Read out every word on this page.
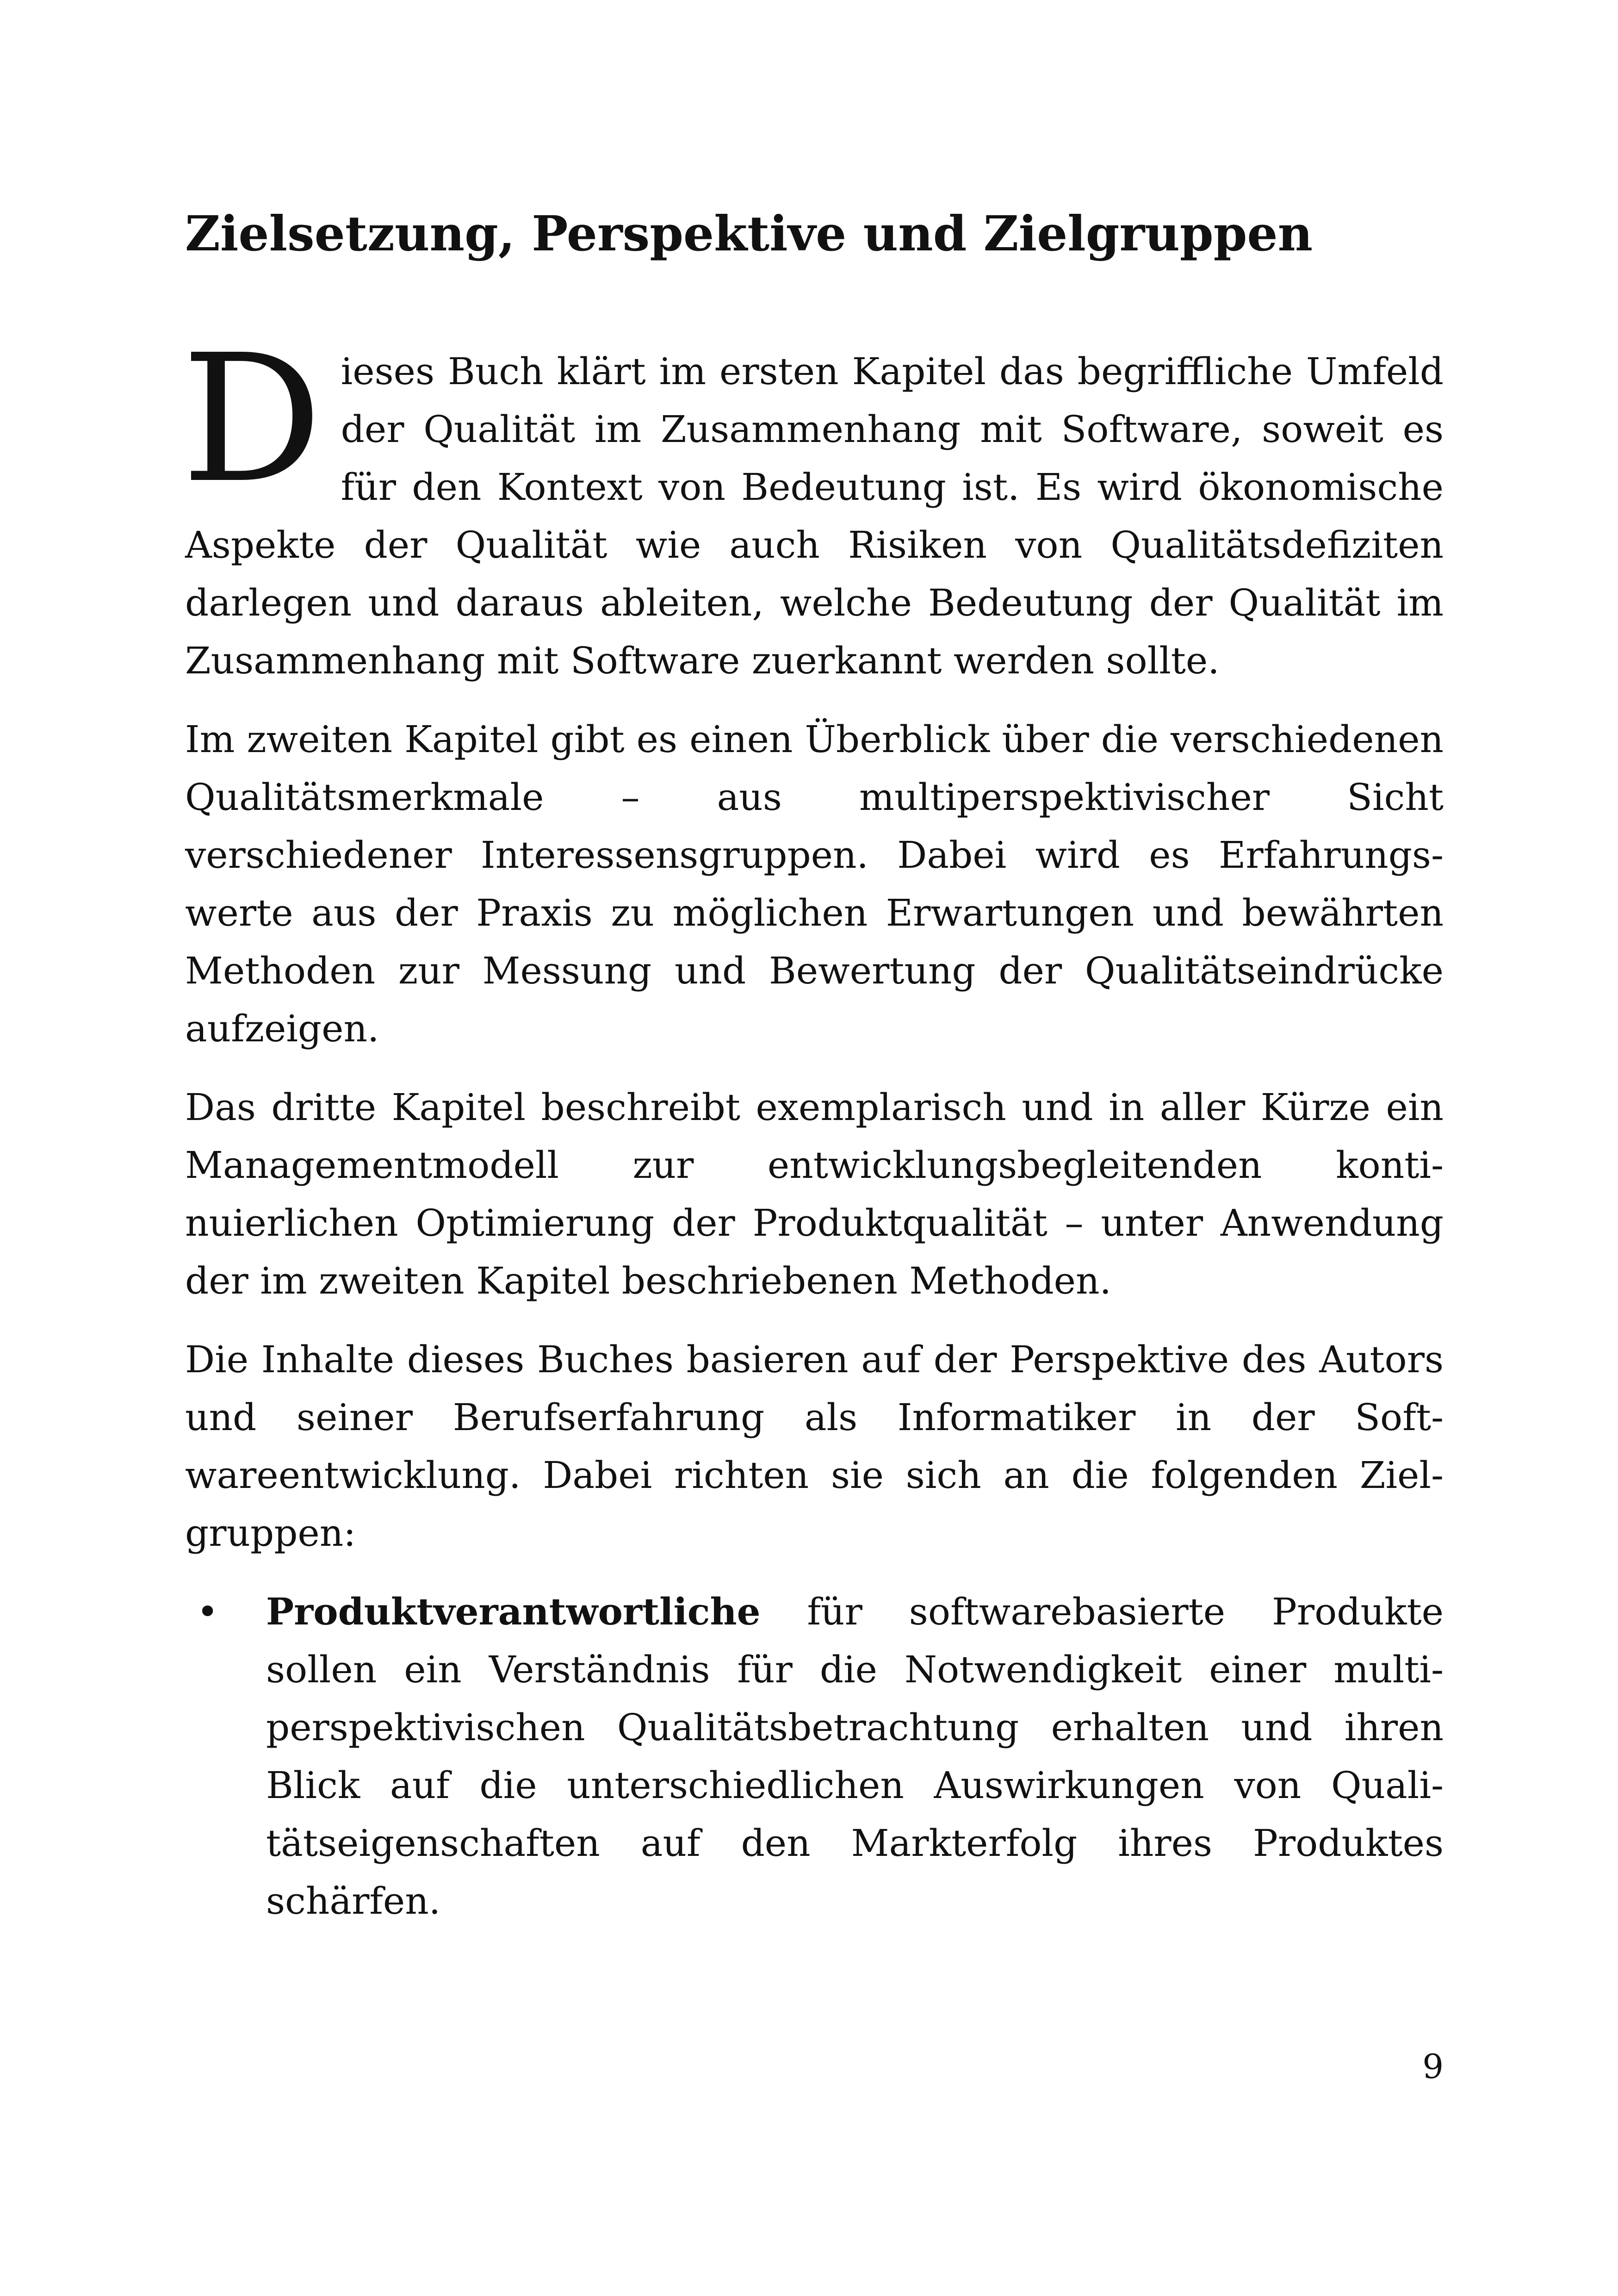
Zielsetzung, Perspektive und Zielgruppen

Dieses Buch klärt im ersten Kapitel das begriffliche Umfeld der Qualität im Zusammenhang mit Software, soweit es für den Kontext von Bedeutung ist. Es wird ökonomische Aspekte der Qualität wie auch Risiken von Qualitätsdefiziten darlegen und daraus ableiten, welche Bedeutung der Qualität im Zusammenhang mit Software zuerkannt werden sollte.

Im zweiten Kapitel gibt es einen Überblick über die verschiedenen Qualitätsmerkmale – aus multiperspektivischer Sicht verschiedener Interessensgruppen. Dabei wird es Erfahrungswerte aus der Praxis zu möglichen Erwartungen und bewährten Methoden zur Messung und Bewertung der Qualitätseindrücke aufzeigen.

Das dritte Kapitel beschreibt exemplarisch und in aller Kürze ein Managementmodell zur entwicklungsbegleitenden kontinuierlichen Optimierung der Produktqualität – unter Anwendung der im zweiten Kapitel beschriebenen Methoden.

Die Inhalte dieses Buches basieren auf der Perspektive des Autors und seiner Berufserfahrung als Informatiker in der Softwareentwicklung. Dabei richten sie sich an die folgenden Zielgruppen:

• Produktverantwortliche für softwarebasierte Produkte sollen ein Verständnis für die Notwendigkeit einer multiperspektivischen Qualitätsbetrachtung erhalten und ihren Blick auf die unterschiedlichen Auswirkungen von Qualitätseigenschaften auf den Markterfolg ihres Produktes schärfen.

9
